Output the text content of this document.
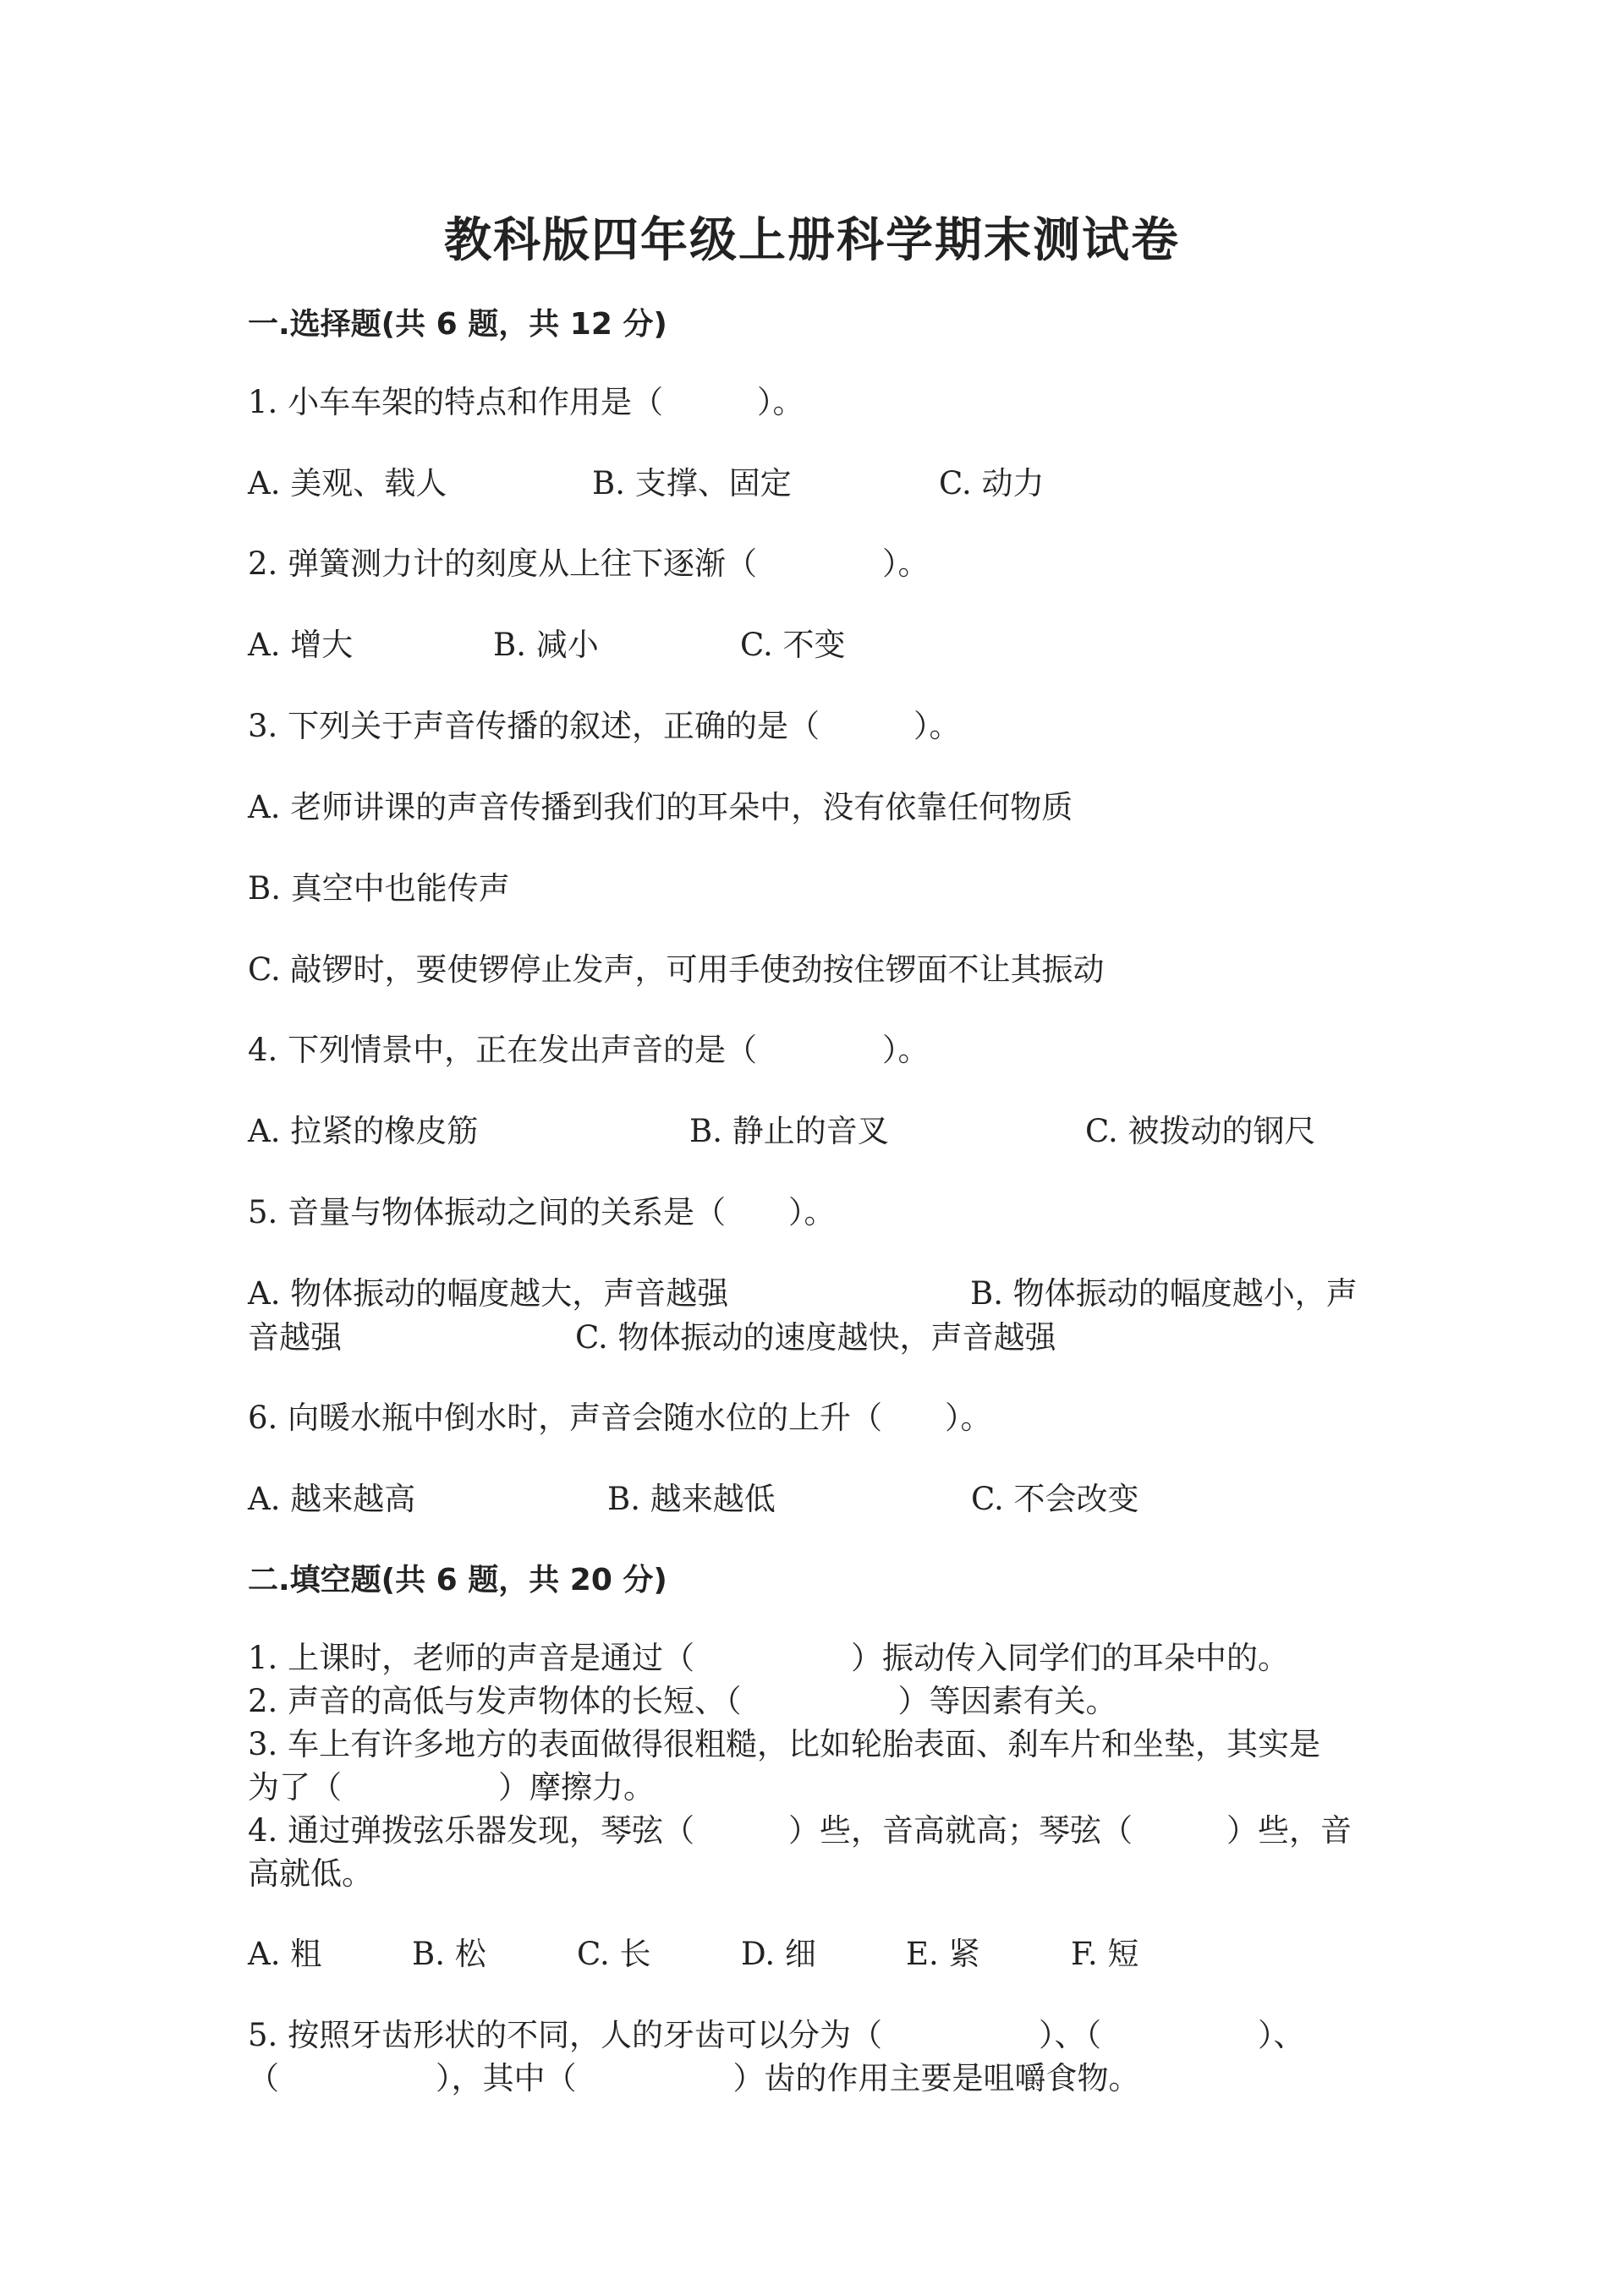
教科版四年级上册科学期末测试卷
一.选择题(共 6 题，共 12 分)
1. 小车车架的特点和作用是（　　　）。
A. 美观、载人	B. 支撑、固定	C. 动力
2. 弹簧测力计的刻度从上往下逐渐（　　　　）。
A. 增大	B. 减小	C. 不变
3. 下列关于声音传播的叙述，正确的是（　　　）。
A. 老师讲课的声音传播到我们的耳朵中，没有依靠任何物质
B. 真空中也能传声
C. 敲锣时，要使锣停止发声，可用手使劲按住锣面不让其振动
4. 下列情景中，正在发出声音的是（　　　　）。
A. 拉紧的橡皮筋	B. 静止的音叉	C. 被拨动的钢尺
5. 音量与物体振动之间的关系是（　　）。
A. 物体振动的幅度越大，声音越强	B. 物体振动的幅度越小，声
音越强	C. 物体振动的速度越快，声音越强
6. 向暖水瓶中倒水时，声音会随水位的上升（　　）。
A. 越来越高	B. 越来越低	C. 不会改变
二.填空题(共 6 题，共 20 分)
1. 上课时，老师的声音是通过（　　　　　）振动传入同学们的耳朵中的。
2. 声音的高低与发声物体的长短、（　　　　　）等因素有关。
3. 车上有许多地方的表面做得很粗糙，比如轮胎表面、刹车片和坐垫，其实是
为了（　　　　　）摩擦力。
4. 通过弹拨弦乐器发现，琴弦（　　　）些，音高就高；琴弦（　　　）些，音
高就低。
A. 粗	B. 松	C. 长	D. 细	E. 紧	F. 短
5. 按照牙齿形状的不同，人的牙齿可以分为（　　　　　）、（　　　　　）、
（　　　　　），其中（　　　　　）齿的作用主要是咀嚼食物。
